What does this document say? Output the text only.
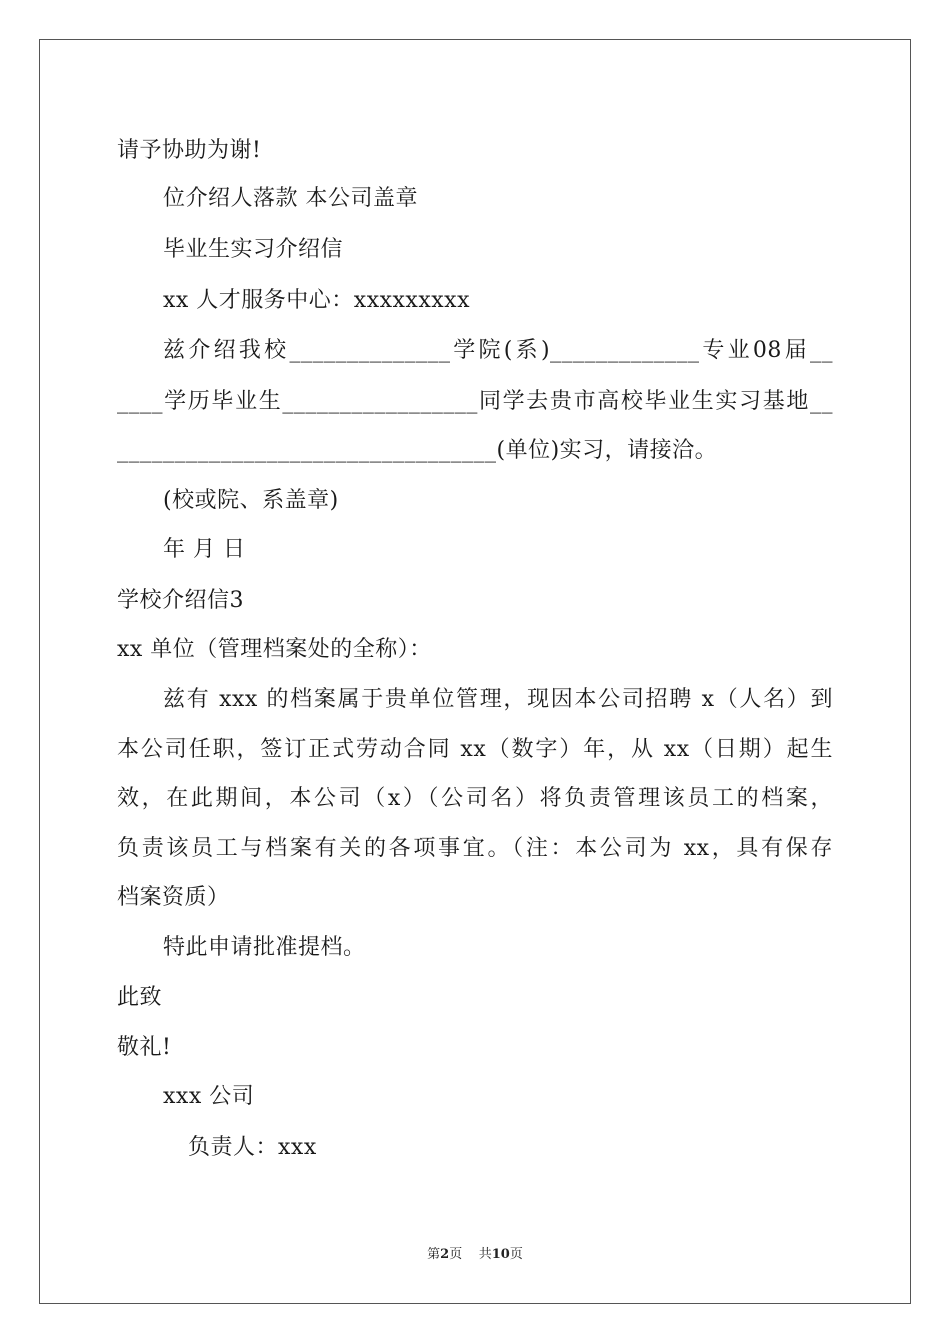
请予协助为谢!
位介绍人落款 本公司盖章
毕业生实习介绍信
xx 人才服务中心：xxxxxxxxx
兹介绍我校______________学院(系)_____________专业08届__
____学历毕业生_________________同学去贵市高校毕业生实习基地__
_________________________________(单位)实习，请接洽。
(校或院、系盖章)
年 月 日
学校介绍信3
xx 单位（管理档案处的全称）：
兹有 xxx 的档案属于贵单位管理，现因本公司招聘 x（人名）到
本公司任职，签订正式劳动合同 xx（数字）年，从 xx（日期）起生
效，在此期间，本公司（x）（公司名）将负责管理该员工的档案，
负责该员工与档案有关的各项事宜。（注：本公司为 xx，具有保存
档案资质）
特此申请批准提档。
此致
敬礼!
xxx 公司
负责人：xxx
第2页 共10页
